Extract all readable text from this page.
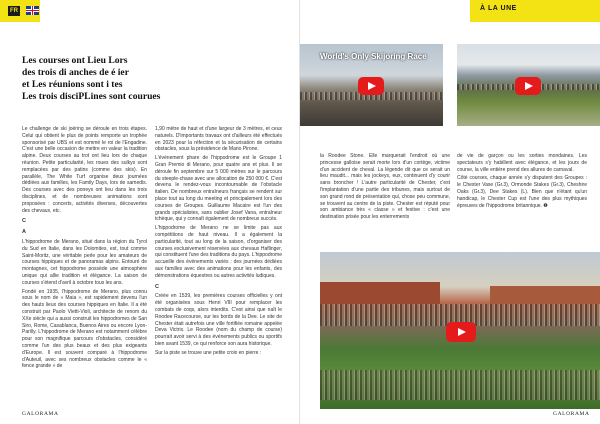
FR
Les courses ont Lieu Lors
des trois di anches de é ier
et Les réunions sont i tes
Les trois disciPLines sont courues

Le challenge de ski joëring se déroule en trois étapes. Celui qui obtient le plus de points remporte un trophée sponsorisé par UBS et est nommé le roi de l'Engadine. C'est une belle occasion de mettre en valeur la tradition alpine. Deux courses au trot ont lieu lors de chaque réunion. Petite particularité, les roues des sulkys sont remplacées par des patins (comme des skis). En parallèle, The White Turf organise deux journées dédiées aux familles, les Family Days, lors de samedis. Des courses avec des poneys ont lieu dans les trois disciplines, et de nombreuses animations sont proposées : concerts, activités diverses, découvertes des chevaux, etc.

C
A

L'hippodrome de Merano, situé dans la région du Tyrol du Sud en Italie, dans les Dolomites, est, tout comme Saint-Moritz, une véritable perle pour les amateurs de courses hippiques et de panoramas alpins. Entouré de montagnes, cet hippodrome possède une atmosphère unique qui allie tradition et élégance. La saison de courses s'étend d'avril à octobre tous les ans.

Fondé en 1935, l'hippodrome de Merano, plus connu sous le nom de « Maia », est rapidement devenu l'un des hauts lieux des courses hippiques en Italie. Il a été construit par Paolo Vietti-Violi, architecte de renom du XXe siècle qui a aussi construit les hippodromes de San Siro, Rome, Casablanca, Buenos Aires ou encore Lyon-Parilly. L'hippodrome de Merano est notamment célèbre pour son magnifique parcours d'obstacles, considéré comme l'un des plus beaux et des plus exigeants d'Europe. Il est souvent comparé à l'hippodrome d'Auteuil, avec ses nombreux obstacles comme le « fence grande » de

1,90 mètre de haut et d'une largeur de 3 mètres, et ceux naturels. D'importants travaux ont d'ailleurs été effectués en 2023 pour la réfection et la sécurisation de certains obstacles, sous la présidence de Mario Pirone.

L'événement phare de l'hippodrome est le Groupe 1 Gran Premio di Merano, pour quatre ans et plus. Il se déroule fin septembre sur 5 000 mètres sur le parcours du steeple-chase avec une allocation de 250 000 €. C'est devenu le rendez-vous incontournable de l'obstacle italien. De nombreux entraîneurs français se rendent sur place tout au long du meeting et principalement lors des courses de Groupes. Guillaume Macaire est l'un des grands spécialistes, sans oublier Josef Vana, entraîneur tchèque, qui y connaît également de nombreux succès.

L'hippodrome de Merano ne se limite pas aux compétitions de haut niveau. Il a également la particularité, tout au long de la saison, d'organiser des courses exclusivement réservées aux chevaux Haflinger, qui constituent l'une des traditions du pays. L'hippodrome accueille des événements variés : des journées dédiées aux familles avec des animations pour les enfants, des démonstrations équestres ou autres activités ludiques.

C

Créée en 1539, les premières courses officielles y ont été organisées sous Henri VIII pour remplacer les combats de coqs, alors interdits. C'est ainsi que naît le Roodee Racecourse, sur les bords de la Dee. Le site de Chester était autrefois une ville fortifiée romaine appelée Deva Victrix. Le Roodee (nom du champ de course) pourrait avoir servi à des événements publics ou sportifs bien avant 1539, ce qui renforce son aura historique.

Sur la piste se trouve une petite croix en pierre :

GALORAMA
À LA UNE
World's Only Skijoring Race

la Roodee Stone. Elle marquerait l'endroit où une princesse galloise serait morte lors d'un cortège, victime d'un accident de cheval. La légende dit que ce serait un lieu maudit... mais les jockeys, eux, continuent d'y courir sans broncher ! L'autre particularité de Chester, c'est l'implantation d'une partie des tribunes, mais surtout de son grand rond de présentation qui, chose peu commune, se trouvent au centre de la piste. Chester est réputé pour son ambiance très « classe » et festive : c'est une destination prisée pour les enterrements

de vie de garçon ou les sorties mondaines. Les spectateurs s'y habillent avec élégance, et les jours de course, la ville entière prend des allures de carnaval.

Côté courses, chaque année s'y disputent des Groupes : le Chester Vase (Gr.3), Ormonde Stakes (Gr.3), Cheshire Oaks (Gr.3), Dee Stakes (L). Bien que n'étant qu'un handicap, le Chester Cup est l'une des plus mythiques épreuves de l'hippodrome britannique. ❶

GALORAMA
